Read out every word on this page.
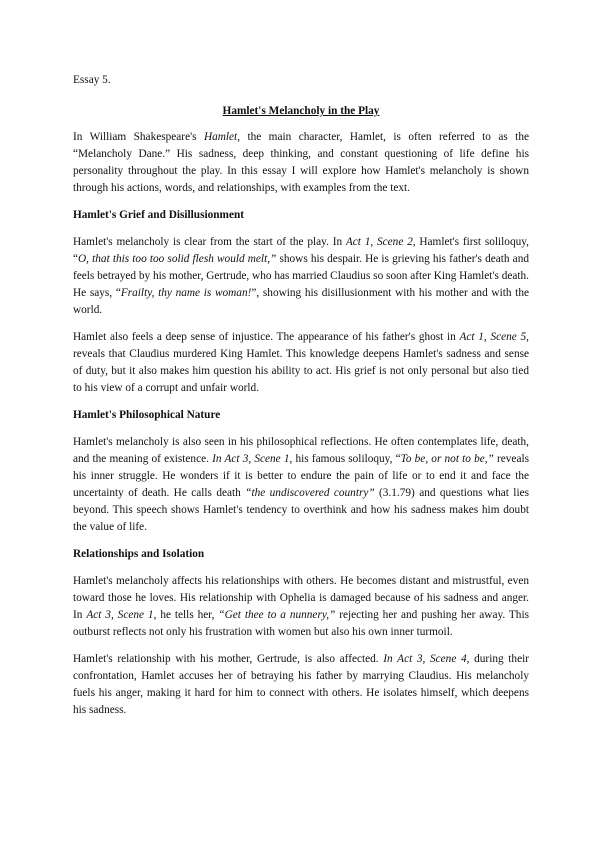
Essay 5.

Hamlet's Melancholy in the Play

In William Shakespeare's Hamlet, the main character, Hamlet, is often referred to as the “Melancholy Dane.” His sadness, deep thinking, and constant questioning of life define his personality throughout the play. In this essay I will explore how Hamlet's melancholy is shown through his actions, words, and relationships, with examples from the text.

Hamlet's Grief and Disillusionment

Hamlet's melancholy is clear from the start of the play. In Act 1, Scene 2, Hamlet's first soliloquy, “O, that this too too solid flesh would melt,” shows his despair. He is grieving his father's death and feels betrayed by his mother, Gertrude, who has married Claudius so soon after King Hamlet's death. He says, “Frailty, thy name is woman!”, showing his disillusionment with his mother and with the world.

Hamlet also feels a deep sense of injustice. The appearance of his father's ghost in Act 1, Scene 5, reveals that Claudius murdered King Hamlet. This knowledge deepens Hamlet's sadness and sense of duty, but it also makes him question his ability to act. His grief is not only personal but also tied to his view of a corrupt and unfair world.

Hamlet's Philosophical Nature

Hamlet's melancholy is also seen in his philosophical reflections. He often contemplates life, death, and the meaning of existence. In Act 3, Scene 1, his famous soliloquy, “To be, or not to be,” reveals his inner struggle. He wonders if it is better to endure the pain of life or to end it and face the uncertainty of death. He calls death “the undiscovered country” (3.1.79) and questions what lies beyond. This speech shows Hamlet's tendency to overthink and how his sadness makes him doubt the value of life.

Relationships and Isolation

Hamlet's melancholy affects his relationships with others. He becomes distant and mistrustful, even toward those he loves. His relationship with Ophelia is damaged because of his sadness and anger. In Act 3, Scene 1, he tells her, “Get thee to a nunnery,” rejecting her and pushing her away. This outburst reflects not only his frustration with women but also his own inner turmoil.

Hamlet's relationship with his mother, Gertrude, is also affected. In Act 3, Scene 4, during their confrontation, Hamlet accuses her of betraying his father by marrying Claudius. His melancholy fuels his anger, making it hard for him to connect with others. He isolates himself, which deepens his sadness.
